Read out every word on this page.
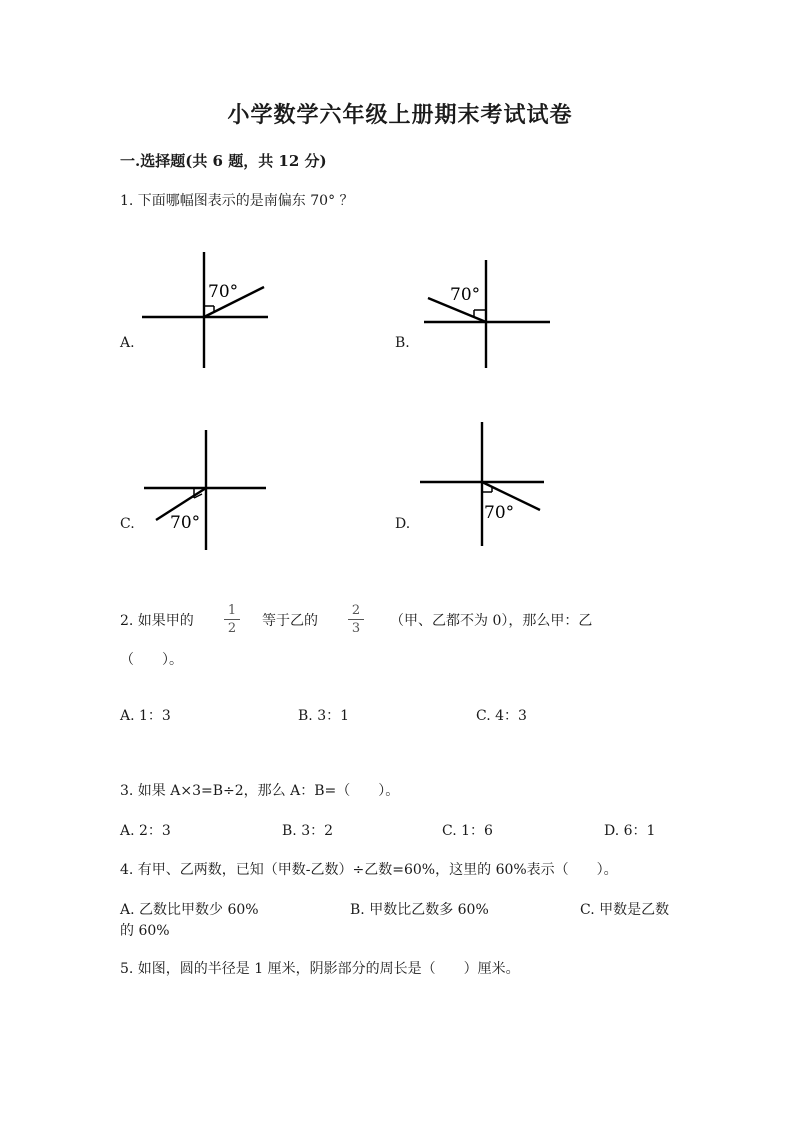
小学数学六年级上册期末考试试卷
一.选择题(共 6 题，共 12 分)
1. 下面哪幅图表示的是南偏东 70° ？
70°
A.
70°
B.
70°
C.
70°
D.
2. 如果甲的
1
2 等于乙的
2
3 （甲、乙都不为 0），那么甲：乙
（　　）。
A. 1：3	B. 3：1	C. 4：3
3. 如果 A×3=B÷2，那么 A：B=（　　）。
A. 2：3	B. 3：2	C. 1：6	D. 6：1
4. 有甲、乙两数，已知（甲数-乙数）÷乙数=60%，这里的 60%表示（　　）。
A. 乙数比甲数少 60%	B. 甲数比乙数多 60%	C. 甲数是乙数
的 60%
5. 如图，圆的半径是 1 厘米，阴影部分的周长是（　　）厘米。
